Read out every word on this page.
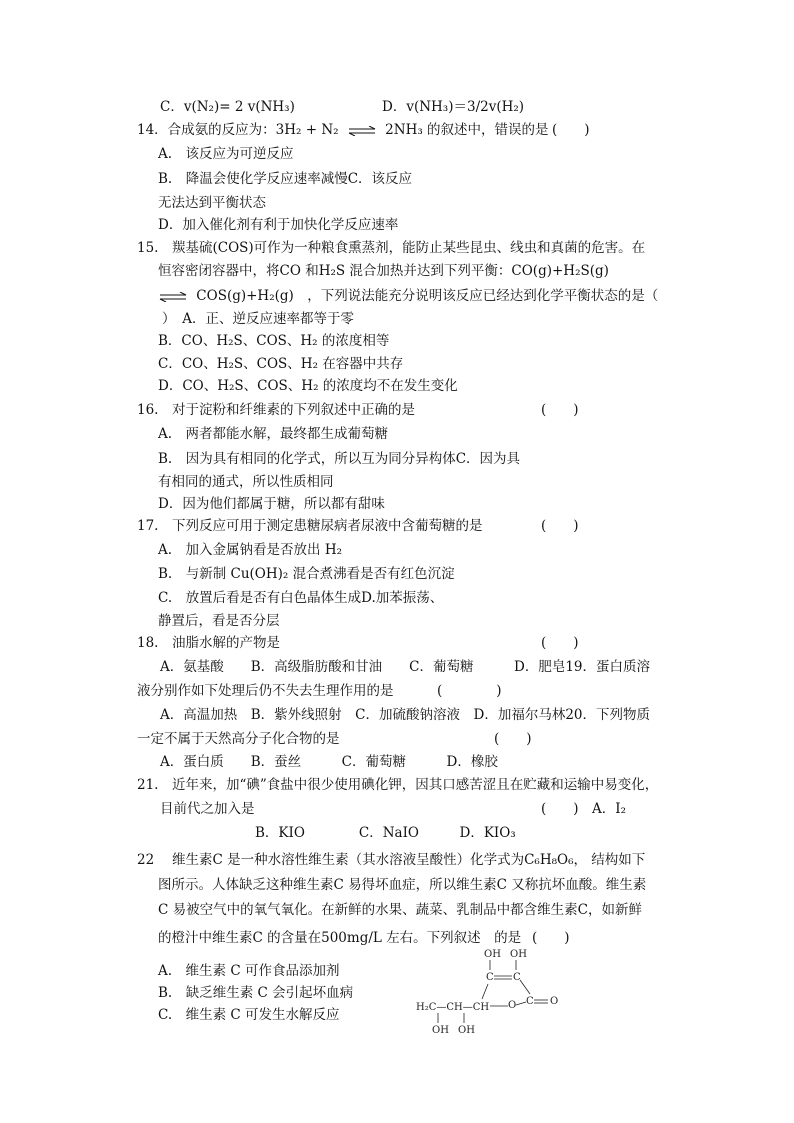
C．v(N₂)= 2 v(NH₃)	D．v(NH₃)＝3/2v(H₂)
14．合成氨的反应为：3H₂ + N₂ ⇌ 2NH₃ 的叙述中，错误的是 (　　)
A.　该反应为可逆反应
B.　降温会使化学反应速率减慢C．该反应
无法达到平衡状态
D．加入催化剂有利于加快化学反应速率
15.　羰基硫(COS)可作为一种粮食熏蒸剂，能防止某些昆虫、线虫和真菌的危害。在
恒容密闭容器中，将CO 和H₂S 混合加热并达到下列平衡：CO(g)+H₂S(g)
⇌ COS(g)+H₂(g)　，下列说法能充分说明该反应已经达到化学平衡状态的是（
）　A．正、逆反应速率都等于零
B．CO、H₂S、COS、H₂ 的浓度相等
C．CO、H₂S、COS、H₂ 在容器中共存
D．CO、H₂S、COS、H₂ 的浓度均不在发生变化
16.　对于淀粉和纤维素的下列叙述中正确的是	(　　)
A.　两者都能水解，最终都生成葡萄糖
B.　因为具有相同的化学式，所以互为同分异构体C．因为具
有相同的通式，所以性质相同
D．因为他们都属于糖，所以都有甜味
17.　下列反应可用于测定患糖尿病者尿液中含葡萄糖的是	(　　)
A.　加入金属钠看是否放出 H₂
B.　与新制 Cu(OH)₂ 混合煮沸看是否有红色沉淀
C.　放置后看是否有白色晶体生成D.加苯振荡、
静置后，看是否分层
18.　油脂水解的产物是	(　　)
A．氨基酸　　B．高级脂肪酸和甘油　　C．葡萄糖　　　D．肥皂19．蛋白质溶
液分别作如下处理后仍不失去生理作用的是	(　　　　)
A．高温加热　B．紫外线照射　C．加硫酸钠溶液　D．加福尔马林20．下列物质
一定不属于天然高分子化合物的是	(　　)
A．蛋白质　　B．蚕丝　　　C．葡萄糖　　　D．橡胶
21.　近年来，加“碘”食盐中很少使用碘化钾，因其口感苦涩且在贮藏和运输中易变化，
目前代之加入是	(　　)　A．I₂
B．KIO　　　　C．NaIO　　　D．KIO₃
22　 维生素C 是一种水溶性维生素（其水溶液呈酸性）化学式为C₆H₈O₆， 结构如下
图所示。人体缺乏这种维生素C 易得坏血症，所以维生素C 又称抗坏血酸。维生素
C 易被空气中的氧气氧化。在新鲜的水果、蔬菜、乳制品中都含维生素C，如新鲜
的橙汁中维生素C 的含量在500mg/L 左右。下列叙述　的是 (　　)
A.　维生素 C 可作食品添加剂
B.　缺乏维生素 C 会引起坏血病
C.　维生素 C 可发生水解反应
OH OH
C C
C O
O
H₂C—CH—CH
OH OH
